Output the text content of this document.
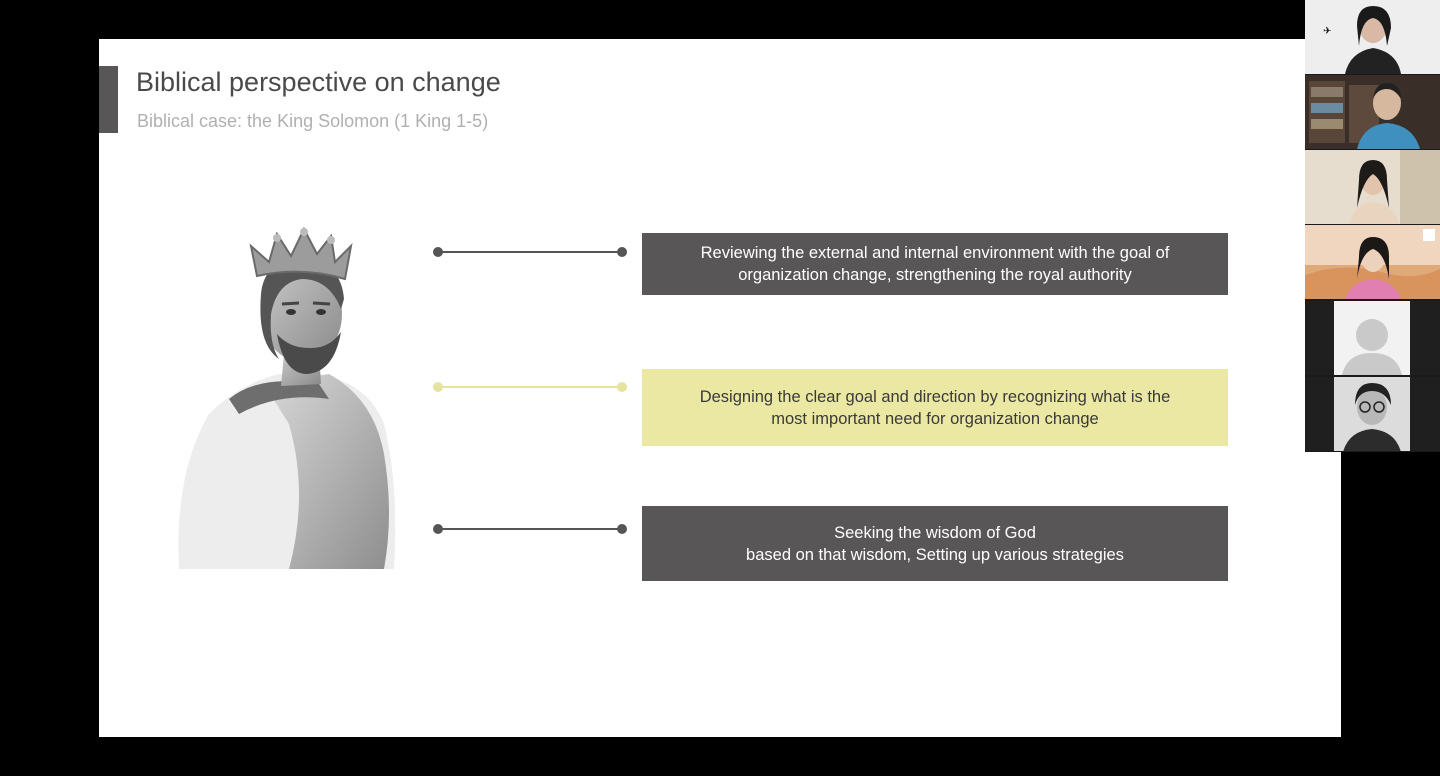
Biblical perspective on change
Biblical case: the King Solomon (1 King 1-5)
Reviewing the external and internal environment with the goal of
organization change, strengthening the royal authority
Designing the clear goal and direction by recognizing what is the
most important need for organization change
Seeking the wisdom of God
based on that wisdom, Setting up various strategies
✈
